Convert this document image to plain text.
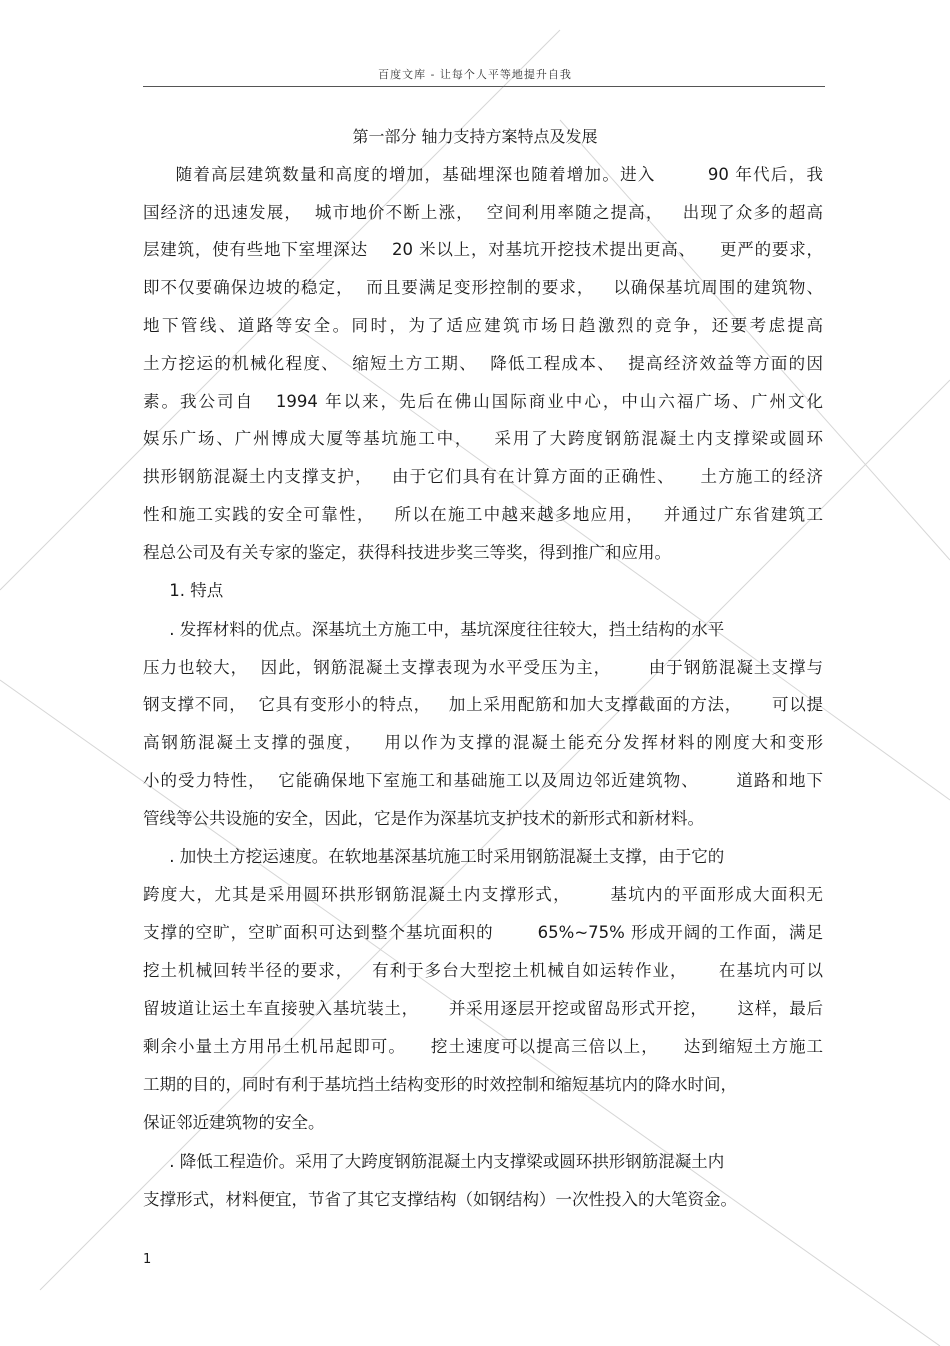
百度文库 - 让每个人平等地提升自我
第一部分 轴力支持方案特点及发展
随着高层建筑数量和高度的增加，基础埋深也随着增加。进入        90 年代后，我
国经济的迅速发展，  城市地价不断上涨，  空间利用率随之提高，   出现了众多的超高
层建筑，使有些地下室埋深达    20 米以上，对基坑开挖技术提出更高、    更严的要求，
即不仅要确保边坡的稳定，  而且要满足变形控制的要求，   以确保基坑周围的建筑物、
地下管线、道路等安全。同时，为了适应建筑市场日趋激烈的竞争，还要考虑提高
土方挖运的机械化程度、  缩短土方工期、  降低工程成本、  提高经济效益等方面的因
素。我公司自   1994 年以来，先后在佛山国际商业中心，中山六福广场、广州文化
娱乐广场、广州博成大厦等基坑施工中，   采用了大跨度钢筋混凝土内支撑梁或圆环
拱形钢筋混凝土内支撑支护，   由于它们具有在计算方面的正确性、    土方施工的经济
性和施工实践的安全可靠性，   所以在施工中越来越多地应用，   并通过广东省建筑工
程总公司及有关专家的鉴定，获得科技进步奖三等奖，得到推广和应用。
1. 特点
. 发挥材料的优点。深基坑土方施工中，基坑深度往往较大，挡土结构的水平
压力也较大，  因此，钢筋混凝土支撑表现为水平受压为主，      由于钢筋混凝土支撑与
钢支撑不同，  它具有变形小的特点，   加上采用配筋和加大支撑截面的方法，     可以提
高钢筋混凝土支撑的强度，   用以作为支撑的混凝土能充分发挥材料的刚度大和变形
小的受力特性，  它能确保地下室施工和基础施工以及周边邻近建筑物、      道路和地下
管线等公共设施的安全，因此，它是作为深基坑支护技术的新形式和新材料。
. 加快土方挖运速度。在软地基深基坑施工时采用钢筋混凝土支撑，由于它的
跨度大，尤其是采用圆环拱形钢筋混凝土内支撑形式，      基坑内的平面形成大面积无
支撑的空旷，空旷面积可达到整个基坑面积的       65%~75% 形成开阔的工作面，满足
挖土机械回转半径的要求，   有利于多台大型挖土机械自如运转作业，     在基坑内可以
留坡道让运土车直接驶入基坑装土，     并采用逐层开挖或留岛形式开挖，     这样，最后
剩余小量土方用吊土机吊起即可。    挖土速度可以提高三倍以上，    达到缩短土方施工
工期的目的，同时有利于基坑挡土结构变形的时效控制和缩短基坑内的降水时间，
保证邻近建筑物的安全。
. 降低工程造价。采用了大跨度钢筋混凝土内支撑梁或圆环拱形钢筋混凝土内
支撑形式，材料便宜，节省了其它支撑结构（如钢结构）一次性投入的大笔资金。
1
